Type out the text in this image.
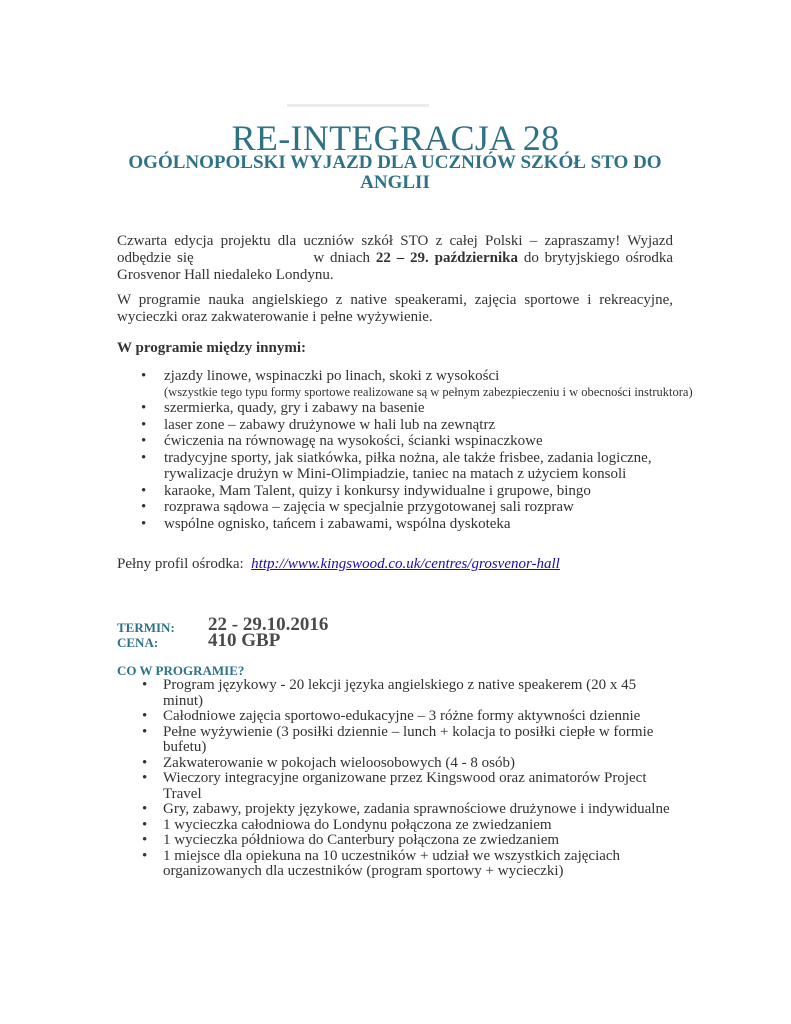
RE-INTEGRACJA 28
OGÓLNOPOLSKI WYJAZD DLA UCZNIÓW SZKÓŁ STO DO ANGLII
Czwarta edycja projektu dla uczniów szkół STO z całej Polski – zapraszamy! Wyjazd odbędzie się	w dniach 22 – 29. października do brytyjskiego ośrodka Grosvenor Hall niedaleko Londynu.
W programie nauka angielskiego z native speakerami, zajęcia sportowe i rekreacyjne, wycieczki oraz zakwaterowanie i pełne wyżywienie.
W programie między innymi:
• zjazdy linowe, wspinaczki po linach, skoki z wysokości
(wszystkie tego typu formy sportowe realizowane są w pełnym zabezpieczeniu i w obecności instruktora)
• szermierka, quady, gry i zabawy na basenie
• laser zone – zabawy drużynowe w hali lub na zewnątrz
• ćwiczenia na równowagę na wysokości, ścianki wspinaczkowe
• tradycyjne sporty, jak siatkówka, piłka nożna, ale także frisbee, zadania logiczne, rywalizacje drużyn w Mini-Olimpiadzie, taniec na matach z użyciem konsoli
• karaoke, Mam Talent, quizy i konkursy indywidualne i grupowe, bingo
• rozprawa sądowa – zajęcia w specjalnie przygotowanej sali rozpraw
• wspólne ognisko, tańcem i zabawami, wspólna dyskoteka
Pełny profil ośrodka: http://www.kingswood.co.uk/centres/grosvenor-hall
TERMIN: 22 - 29.10.2016
CENA:	410 GBP
CO W PROGRAMIE?
• Program językowy - 20 lekcji języka angielskiego z native speakerem (20 x 45 minut)
• Całodniowe zajęcia sportowo-edukacyjne – 3 różne formy aktywności dziennie
• Pełne wyżywienie (3 posiłki dziennie – lunch + kolacja to posiłki ciepłe w formie bufetu)
• Zakwaterowanie w pokojach wieloosobowych (4 - 8 osób)
• Wieczory integracyjne organizowane przez Kingswood oraz animatorów Project Travel
• Gry, zabawy, projekty językowe, zadania sprawnościowe drużynowe i indywidualne
• 1 wycieczka całodniowa do Londynu połączona ze zwiedzaniem
• 1 wycieczka półdniowa do Canterbury połączona ze zwiedzaniem
• 1 miejsce dla opiekuna na 10 uczestników + udział we wszystkich zajęciach organizowanych dla uczestników (program sportowy + wycieczki)
